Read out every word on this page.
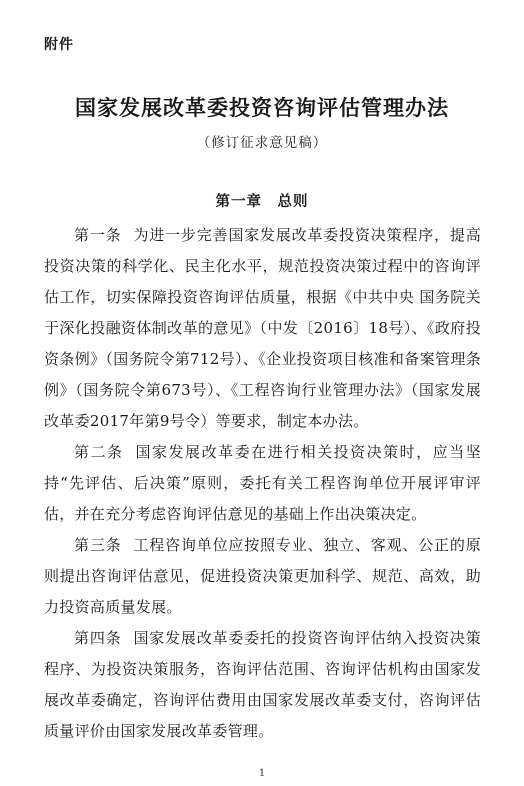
附件
国家发展改革委投资咨询评估管理办法
（修订征求意见稿）
第一章　总则

第一条 为进一步完善国家发展改革委投资决策程序，提高投资决策的科学化、民主化水平，规范投资决策过程中的咨询评估工作，切实保障投资咨询评估质量，根据《中共中央 国务院关于深化投融资体制改革的意见》（中发〔2016〕18号）、《政府投资条例》（国务院令第712号）、《企业投资项目核准和备案管理条例》（国务院令第673号）、《工程咨询行业管理办法》（国家发展改革委2017年第9号令）等要求，制定本办法。

第二条 国家发展改革委在进行相关投资决策时，应当坚持“先评估、后决策”原则，委托有关工程咨询单位开展评审评估，并在充分考虑咨询评估意见的基础上作出决策决定。

第三条 工程咨询单位应按照专业、独立、客观、公正的原则提出咨询评估意见，促进投资决策更加科学、规范、高效，助力投资高质量发展。

第四条 国家发展改革委委托的投资咨询评估纳入投资决策程序、为投资决策服务，咨询评估范围、咨询评估机构由国家发展改革委确定，咨询评估费用由国家发展改革委支付，咨询评估质量评价由国家发展改革委管理。

1
